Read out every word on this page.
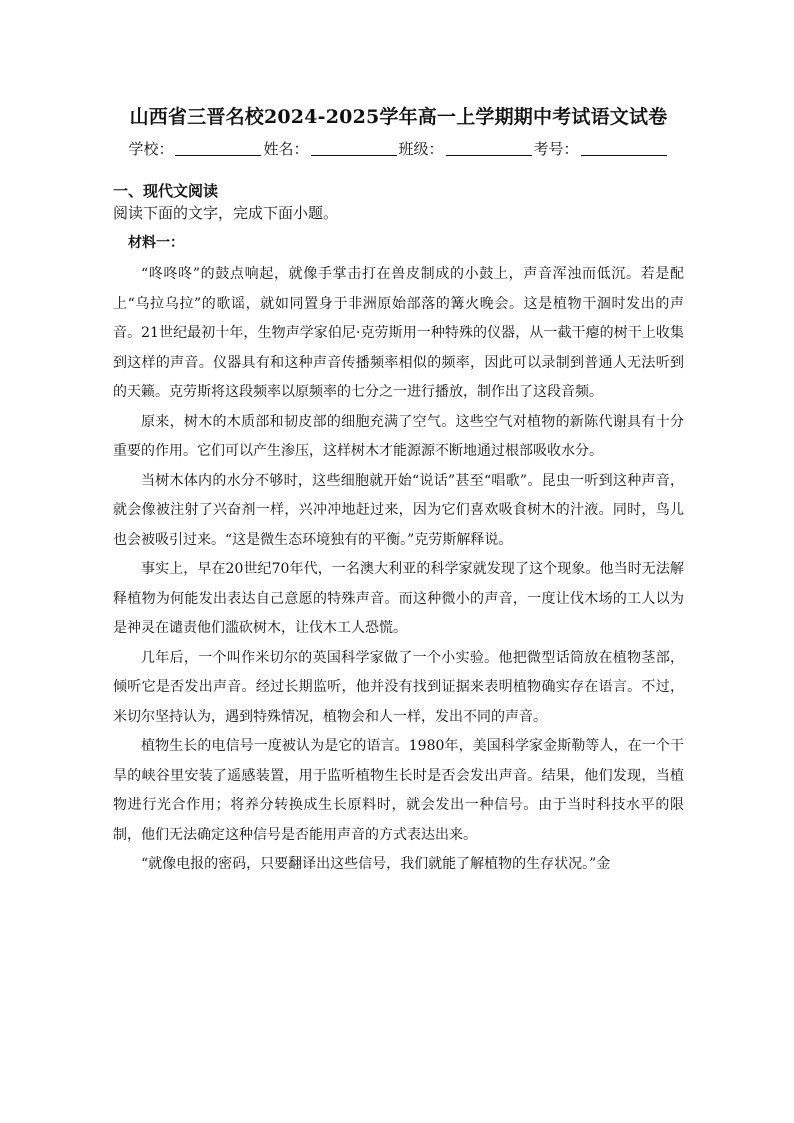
山西省三晋名校2024-2025学年高一上学期期中考试语文试卷
学校：	姓名：	班级：	考号：
一、现代文阅读
阅读下面的文字，完成下面小题。
材料一：

“咚咚咚”的鼓点响起，就像手掌击打在兽皮制成的小鼓上，声音浑浊而低沉。若是配上“乌拉乌拉”的歌谣，就如同置身于非洲原始部落的篝火晚会。这是植物干涸时发出的声音。21世纪最初十年，生物声学家伯尼·克劳斯用一种特殊的仪器，从一截干瘪的树干上收集到这样的声音。仪器具有和这种声音传播频率相似的频率，因此可以录制到普通人无法听到的天籁。克劳斯将这段频率以原频率的七分之一进行播放，制作出了这段音频。

原来，树木的木质部和韧皮部的细胞充满了空气。这些空气对植物的新陈代谢具有十分重要的作用。它们可以产生渗压，这样树木才能源源不断地通过根部吸收水分。

当树木体内的水分不够时，这些细胞就开始“说话”甚至“唱歌”。昆虫一听到这种声音，就会像被注射了兴奋剂一样，兴冲冲地赶过来，因为它们喜欢吸食树木的汁液。同时，鸟儿也会被吸引过来。“这是微生态环境独有的平衡。”克劳斯解释说。

事实上，早在20世纪70年代，一名澳大利亚的科学家就发现了这个现象。他当时无法解释植物为何能发出表达自己意愿的特殊声音。而这种微小的声音，一度让伐木场的工人以为是神灵在谴责他们滥砍树木，让伐木工人恐慌。

几年后，一个叫作米切尔的英国科学家做了一个小实验。他把微型话筒放在植物茎部，倾听它是否发出声音。经过长期监听，他并没有找到证据来表明植物确实存在语言。不过，米切尔坚持认为，遇到特殊情况，植物会和人一样，发出不同的声音。

植物生长的电信号一度被认为是它的语言。1980年，美国科学家金斯勒等人，在一个干旱的峡谷里安装了遥感装置，用于监听植物生长时是否会发出声音。结果，他们发现，当植物进行光合作用；将养分转换成生长原料时，就会发出一种信号。由于当时科技水平的限制，他们无法确定这种信号是否能用声音的方式表达出来。

“就像电报的密码，只要翻译出这些信号，我们就能了解植物的生存状况。”金
